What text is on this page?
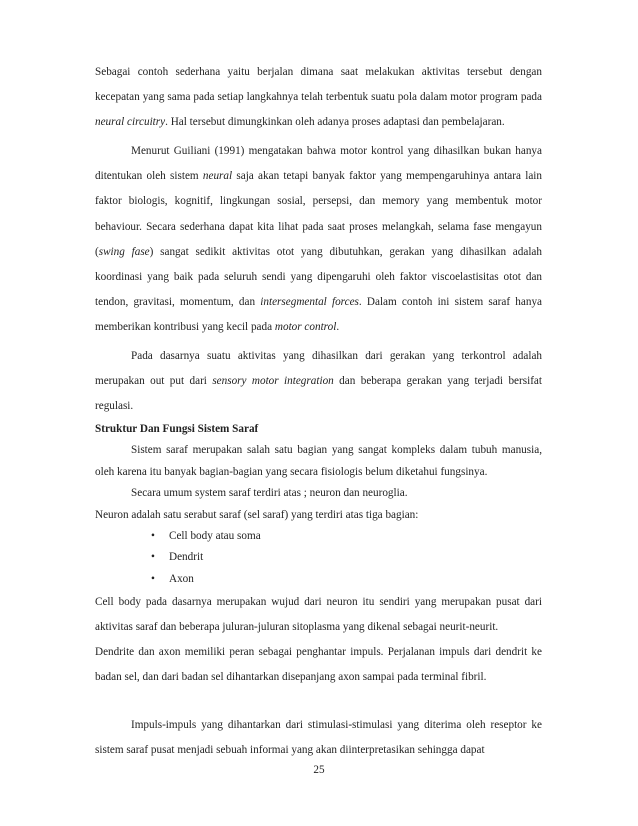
Sebagai contoh sederhana yaitu berjalan dimana saat melakukan aktivitas tersebut dengan kecepatan yang sama pada setiap langkahnya telah terbentuk suatu pola dalam motor program pada neural circuitry. Hal tersebut dimungkinkan oleh adanya proses adaptasi dan pembelajaran.

Menurut Guiliani (1991) mengatakan bahwa motor kontrol yang dihasilkan bukan hanya ditentukan oleh sistem neural saja akan tetapi banyak faktor yang mempengaruhinya antara lain faktor biologis, kognitif, lingkungan sosial, persepsi, dan memory yang membentuk motor behaviour. Secara sederhana dapat kita lihat pada saat proses melangkah, selama fase mengayun (swing fase) sangat sedikit aktivitas otot yang dibutuhkan, gerakan yang dihasilkan adalah koordinasi yang baik pada seluruh sendi yang dipengaruhi oleh faktor viscoelastisitas otot dan tendon, gravitasi, momentum, dan intersegmental forces. Dalam contoh ini sistem saraf hanya memberikan kontribusi yang kecil pada motor control.

Pada dasarnya suatu aktivitas yang dihasilkan dari gerakan yang terkontrol adalah merupakan out put dari sensory motor integration dan beberapa gerakan yang terjadi bersifat regulasi.

Struktur Dan Fungsi Sistem Saraf

Sistem saraf merupakan salah satu bagian yang sangat kompleks dalam tubuh manusia, oleh karena itu banyak bagian-bagian yang secara fisiologis belum diketahui fungsinya.

Secara umum system saraf terdiri atas ; neuron dan neuroglia.

Neuron adalah satu serabut saraf (sel saraf) yang terdiri atas tiga bagian:

• Cell body atau soma
• Dendrit
• Axon

Cell body pada dasarnya merupakan wujud dari neuron itu sendiri yang merupakan pusat dari aktivitas saraf dan beberapa juluran-juluran sitoplasma yang dikenal sebagai neurit-neurit.

Dendrite dan axon memiliki peran sebagai penghantar impuls. Perjalanan impuls dari dendrit ke badan sel, dan dari badan sel dihantarkan disepanjang axon sampai pada terminal fibril.

Impuls-impuls yang dihantarkan dari stimulasi-stimulasi yang diterima oleh reseptor ke sistem saraf pusat menjadi sebuah informai yang akan diinterpretasikan sehingga dapat

25
